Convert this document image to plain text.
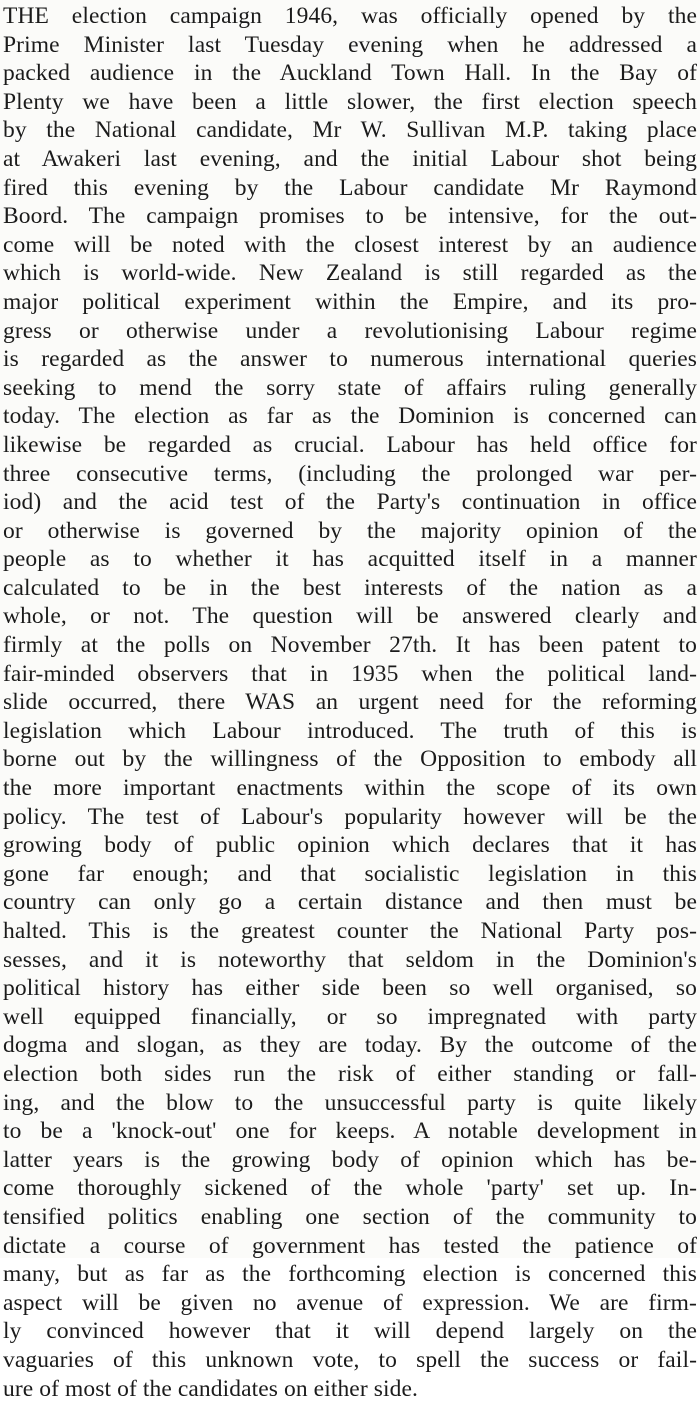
THE election campaign 1946, was officially opened by the
Prime Minister last Tuesday evening when he addressed a
packed audience in the Auckland Town Hall. In the Bay of
Plenty we have been a little slower, the first election speech
by the National candidate, Mr W. Sullivan M.P. taking place
at Awakeri last evening, and the initial Labour shot being
fired this evening by the Labour candidate Mr Raymond
Boord. The campaign promises to be intensive, for the out-
come will be noted with the closest interest by an audience
which is world-wide. New Zealand is still regarded as the
major political experiment within the Empire, and its pro-
gress or otherwise under a revolutionising Labour regime
is regarded as the answer to numerous international queries
seeking to mend the sorry state of affairs ruling generally
today. The election as far as the Dominion is concerned can
likewise be regarded as crucial. Labour has held office for
three consecutive terms, (including the prolonged war per-
iod) and the acid test of the Party's continuation in office
or otherwise is governed by the majority opinion of the
people as to whether it has acquitted itself in a manner
calculated to be in the best interests of the nation as a
whole, or not. The question will be answered clearly and
firmly at the polls on November 27th. It has been patent to
fair-minded observers that in 1935 when the political land-
slide occurred, there WAS an urgent need for the reforming
legislation which Labour introduced. The truth of this is
borne out by the willingness of the Opposition to embody all
the more important enactments within the scope of its own
policy. The test of Labour's popularity however will be the
growing body of public opinion which declares that it has
gone far enough; and that socialistic legislation in this
country can only go a certain distance and then must be
halted. This is the greatest counter the National Party pos-
sesses, and it is noteworthy that seldom in the Dominion's
political history has either side been so well organised, so
well equipped financially, or so impregnated with party
dogma and slogan, as they are today. By the outcome of the
election both sides run the risk of either standing or fall-
ing, and the blow to the unsuccessful party is quite likely
to be a 'knock-out' one for keeps. A notable development in
latter years is the growing body of opinion which has be-
come thoroughly sickened of the whole 'party' set up. In-
tensified politics enabling one section of the community to
dictate a course of government has tested the patience of
many, but as far as the forthcoming election is concerned this
aspect will be given no avenue of expression. We are firm-
ly convinced however that it will depend largely on the
vaguaries of this unknown vote, to spell the success or fail-
ure of most of the candidates on either side.
